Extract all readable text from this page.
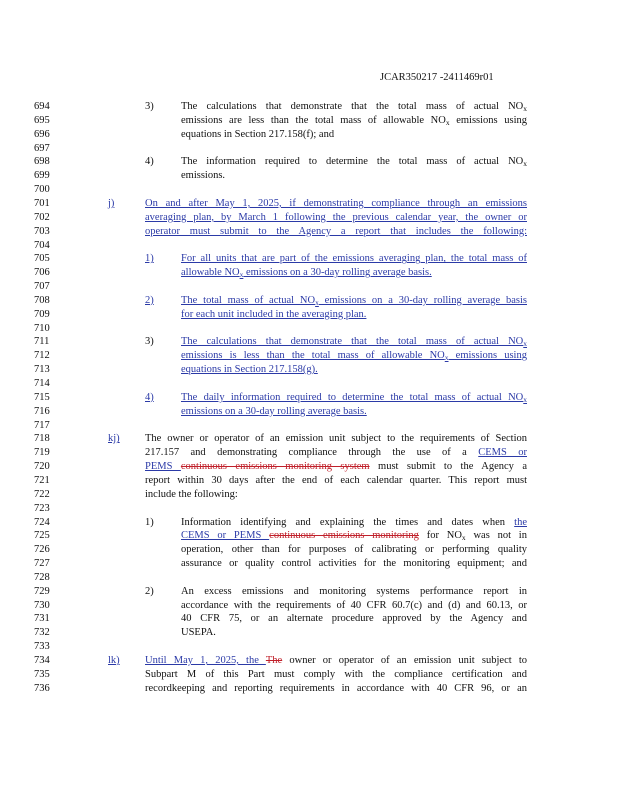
JCAR350217 -2411469r01
694	3)	The calculations that demonstrate that the total mass of actual $NO_x$
695	emissions are less than the total mass of allowable $NO_x$ emissions using
696	equations in Section 217.158(f); and
697
698	4)	The information required to determine the total mass of actual $NO_x$
699	emissions.
700
701	j)	On and after May 1, 2025, if demonstrating compliance through an emissions
702	averaging plan, by March 1 following the previous calendar year, the owner or
703	operator must submit to the Agency a report that includes the following:
704
705	1)	For all units that are part of the emissions averaging plan, the total mass of
706	allowable $NO_x$ emissions on a 30-day rolling average basis.
707
708	2)	The total mass of actual $NO_x$ emissions on a 30-day rolling average basis
709	for each unit included in the averaging plan.
710
711	3)	The calculations that demonstrate that the total mass of actual $NO_x$
712	emissions is less than the total mass of allowable $NO_x$ emissions using
713	equations in Section 217.158(g).
714
715	4)	The daily information required to determine the total mass of actual $NO_x$
716	emissions on a 30-day rolling average basis.
717
718	kj) The owner or operator of an emission unit subject to the requirements of Section
719	217.157 and demonstrating compliance through the use of a CEMS or
720	PEMS continuous emissions monitoring system must submit to the Agency a
721	report within 30 days after the end of each calendar quarter. This report must
722	include the following:
723
724	1)	Information identifying and explaining the times and dates when the
725	CEMS or PEMS continuous emissions monitoring for $NO_x$ was not in
726	operation, other than for purposes of calibrating or performing quality
727	assurance or quality control activities for the monitoring equipment; and
728
729	2)	An excess emissions and monitoring systems performance report in
730	accordance with the requirements of 40 CFR 60.7(c) and (d) and 60.13, or
731	40 CFR 75, or an alternate procedure approved by the Agency and
732	USEPA.
733
734	lk) Until May 1, 2025, the The owner or operator of an emission unit subject to
735	Subpart M of this Part must comply with the compliance certification and
736	recordkeeping and reporting requirements in accordance with 40 CFR 96, or an
